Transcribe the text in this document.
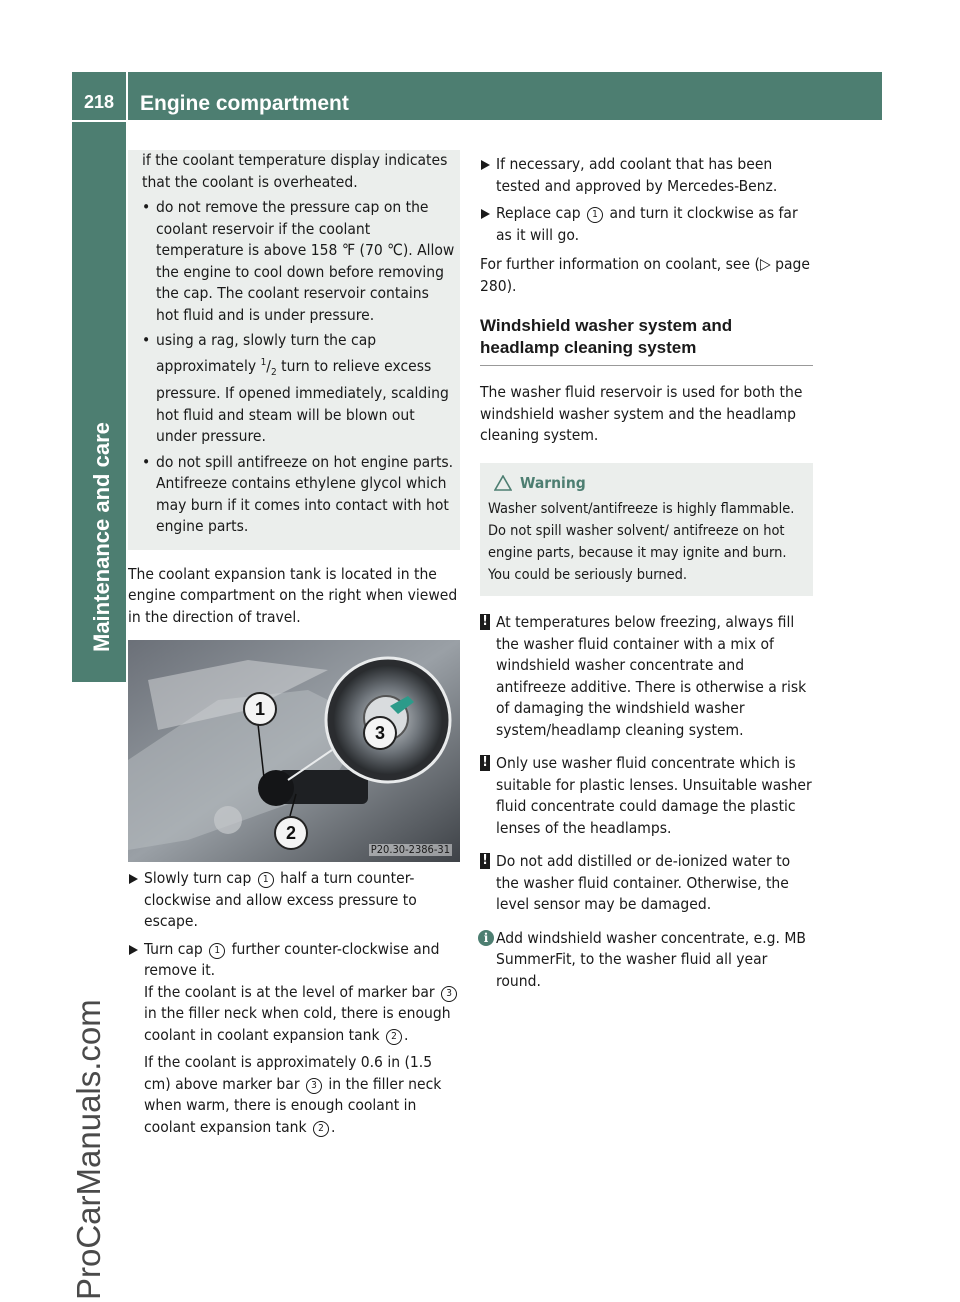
218	Engine compartment
Maintenance and care
ProCarManuals.com

if the coolant temperature display indicates that the coolant is overheated.

• do not remove the pressure cap on the coolant reservoir if the coolant temperature is above 158 ℉ (70 ℃). Allow the engine to cool down before removing the cap. The coolant reservoir contains hot fluid and is under pressure.
• using a rag, slowly turn the cap approximately $^1/_2$ turn to relieve excess pressure. If opened immediately, scalding hot fluid and steam will be blown out under pressure.
• do not spill antifreeze on hot engine parts. Antifreeze contains ethylene glycol which may burn if it comes into contact with hot engine parts.

The coolant expansion tank is located in the engine compartment on the right when viewed in the direction of travel.

1
2
3
P20.30-2386-31

Slowly turn cap 1 half a turn counter-clockwise and allow excess pressure to escape.

Turn cap 1 further counter-clockwise and remove it.

If the coolant is at the level of marker bar 3 in the filler neck when cold, there is enough coolant in coolant expansion tank 2 .

If the coolant is approximately 0.6 in (1.5 cm) above marker bar 3 in the filler neck when warm, there is enough coolant in coolant expansion tank 2 .

If necessary, add coolant that has been tested and approved by Mercedes-Benz.

Replace cap 1 and turn it clockwise as far as it will go.

For further information on coolant, see (▷ page 280).

Windshield washer system and headlamp cleaning system

The washer fluid reservoir is used for both the windshield washer system and the headlamp cleaning system.

Warning

Washer solvent/antifreeze is highly flammable. Do not spill washer solvent/ antifreeze on hot engine parts, because it may ignite and burn. You could be seriously burned.

! At temperatures below freezing, always fill the washer fluid container with a mix of windshield washer concentrate and antifreeze additive. There is otherwise a risk of damaging the windshield washer system/headlamp cleaning system.

! Only use washer fluid concentrate which is suitable for plastic lenses. Unsuitable washer fluid concentrate could damage the plastic lenses of the headlamps.

! Do not add distilled or de-ionized water to the washer fluid container. Otherwise, the level sensor may be damaged.

i Add windshield washer concentrate, e.g. MB SummerFit, to the washer fluid all year round.
